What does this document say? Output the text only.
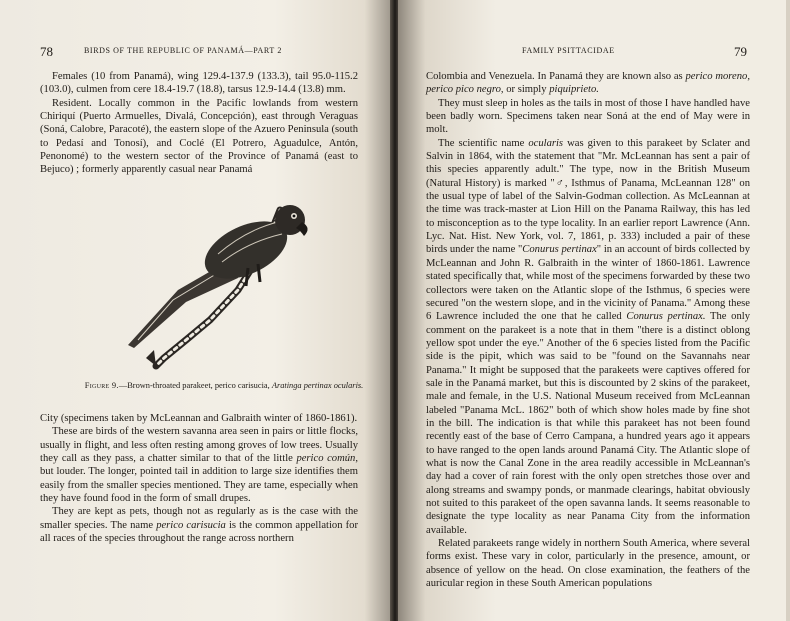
78	BIRDS OF THE REPUBLIC OF PANAMÁ—PART 2

Females (10 from Panamá), wing 129.4-137.9 (133.3), tail 95.0-115.2 (103.0), culmen from cere 18.4-19.7 (18.8), tarsus 12.9-14.4 (13.8) mm.

Resident. Locally common in the Pacific lowlands from western Chiriquí (Puerto Armuelles, Divalá, Concepción), east through Veraguas (Soná, Calobre, Paracoté), the eastern slope of the Azuero Peninsula (south to Pedasí and Tonosí), and Coclé (El Potrero, Aguadulce, Antón, Penonomé) to the western sector of the Province of Panamá (east to Bejuco) ; formerly apparently casual near Panamá

Figure 9.—Brown-throated parakeet, perico carisucia, Aratinga pertinax ocularis.

City (specimens taken by McLeannan and Galbraith winter of 1860-1861).

These are birds of the western savanna area seen in pairs or little flocks, usually in flight, and less often resting among groves of low trees. Usually they call as they pass, a chatter similar to that of the little perico común, but louder. The longer, pointed tail in addition to large size identifies them easily from the smaller species mentioned. They are tame, especially when they have found food in the form of small drupes.

They are kept as pets, though not as regularly as is the case with the smaller species. The name perico carisucia is the common appellation for all races of the species throughout the range across northern

FAMILY PSITTACIDAE	79

Colombia and Venezuela. In Panamá they are known also as perico moreno, perico pico negro, or simply piquiprieto.

They must sleep in holes as the tails in most of those I have handled have been badly worn. Specimens taken near Soná at the end of May were in molt.

The scientific name ocularis was given to this parakeet by Sclater and Salvin in 1864, with the statement that "Mr. McLeannan has sent a pair of this species apparently adult." The type, now in the British Museum (Natural History) is marked "♂, Isthmus of Panama, McLeannan 128" on the usual type of label of the Salvin-Godman collection. As McLeannan at the time was track-master at Lion Hill on the Panama Railway, this has led to misconception as to the type locality. In an earlier report Lawrence (Ann. Lyc. Nat. Hist. New York, vol. 7, 1861, p. 333) included a pair of these birds under the name "Conurus pertinax" in an account of birds collected by McLeannan and John R. Galbraith in the winter of 1860-1861. Lawrence stated specifically that, while most of the specimens forwarded by these two collectors were taken on the Atlantic slope of the Isthmus, 6 species were secured "on the western slope, and in the vicinity of Panama." Among these 6 Lawrence included the one that he called Conurus pertinax. The only comment on the parakeet is a note that in them "there is a distinct oblong yellow spot under the eye." Another of the 6 species listed from the Pacific side is the pipit, which was said to be "found on the Savannahs near Panama." It might be supposed that the parakeets were captives offered for sale in the Panamá market, but this is discounted by 2 skins of the parakeet, male and female, in the U.S. National Museum received from McLeannan labeled "Panama McL. 1862" both of which show holes made by fine shot in the bill. The indication is that while this parakeet has not been found recently east of the base of Cerro Campana, a hundred years ago it appears to have ranged to the open lands around Panamá City. The Atlantic slope of what is now the Canal Zone in the area readily accessible in McLeannan's day had a cover of rain forest with the only open stretches those over and along streams and swampy ponds, or manmade clearings, habitat obviously not suited to this parakeet of the open savanna lands. It seems reasonable to designate the type locality as near Panama City from the information available.

Related parakeets range widely in northern South America, where several forms exist. These vary in color, particularly in the presence, amount, or absence of yellow on the head. On close examination, the feathers of the auricular region in these South American populations
